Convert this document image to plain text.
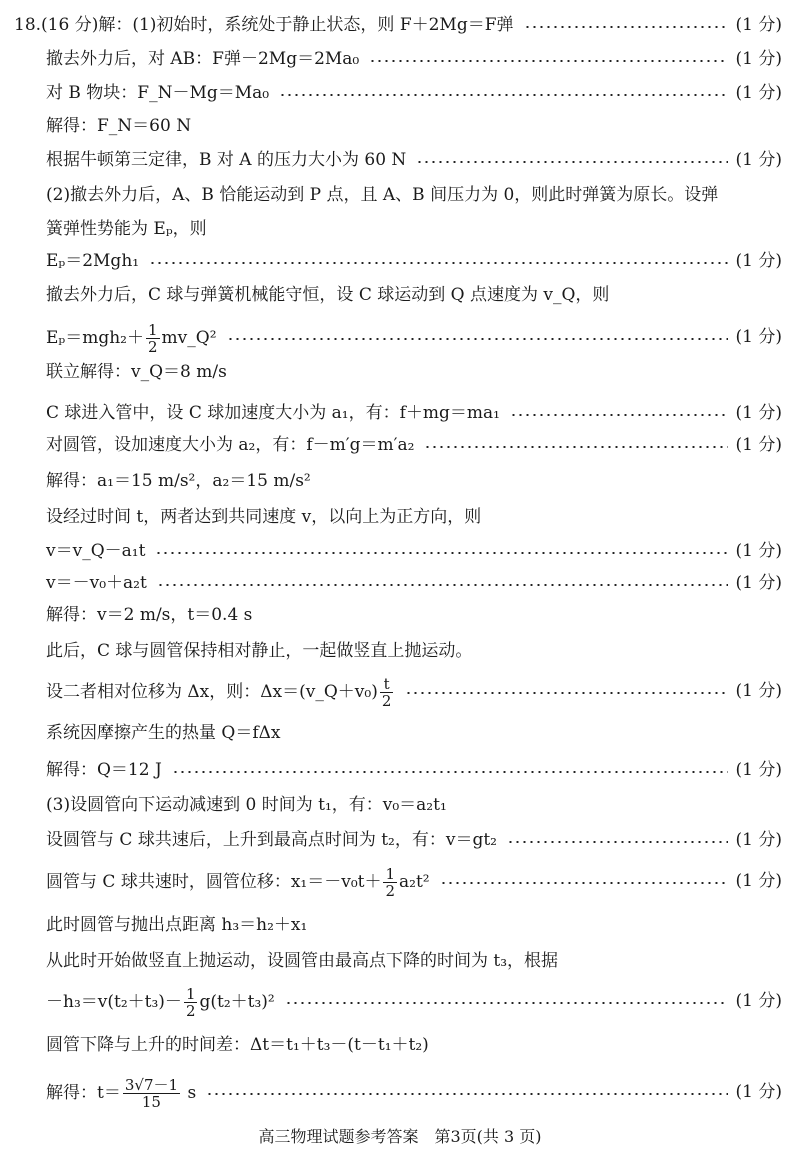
18.(16 分)解：(1)初始时，系统处于静止状态，则 F＋2Mg＝F弹	(1 分)
撤去外力后，对 AB：F弹－2Mg＝2Ma₀	(1 分)
对 B 物块：F_N－Mg＝Ma₀	(1 分)
解得：F_N＝60 N
根据牛顿第三定律，B 对 A 的压力大小为 60 N	(1 分)
(2)撤去外力后，A、B 恰能运动到 P 点，且 A、B 间压力为 0，则此时弹簧为原长。设弹
簧弹性势能为 Eₚ，则
Eₚ＝2Mgh₁	(1 分)
撤去外力后，C 球与弹簧机械能守恒，设 C 球运动到 Q 点速度为 v_Q，则
$E_p=mgh_2+ \frac{1}{2}$ mv_Q²	(1 分)
联立解得：v_Q＝8 m/s
C 球进入管中，设 C 球加速度大小为 a₁，有：f＋mg＝ma₁	(1 分)
对圆管，设加速度大小为 a₂，有：f－m′g＝m′a₂	(1 分)
解得：a₁＝15 m/s²，a₂＝15 m/s²
设经过时间 t，两者达到共同速度 v，以向上为正方向，则
v＝v_Q－a₁t	(1 分)
v＝－v₀＋a₂t	(1 分)
解得：v＝2 m/s，t＝0.4 s
此后，C 球与圆管保持相对静止，一起做竖直上抛运动。
设二者相对位移为 Δx，则：Δx＝(v_Q＋v₀) $\frac{t}{2}$	(1 分)
系统因摩擦产生的热量 Q＝fΔx
解得：Q＝12 J	(1 分)
(3)设圆管向下运动减速到 0 时间为 t₁，有：v₀＝a₂t₁
设圆管与 C 球共速后，上升到最高点时间为 t₂，有：v＝gt₂	(1 分)
圆管与 C 球共速时，圆管位移：$x_1=-v_0t+ \frac{1}{2} a_2t^2$	(1 分)
此时圆管与抛出点距离 h₃＝h₂＋x₁
从此时开始做竖直上抛运动，设圆管由最高点下降的时间为 t₃，根据
$-h_3=v(t_2+t_3)- \frac{1}{2} g(t_2+t_3)^2$	(1 分)
圆管下降与上升的时间差：Δt＝t₁＋t₃－(t－t₁＋t₂)
解得：$t= \frac{3√7-1}{15}$ s	(1 分)
高三物理试题参考答案　第3页(共 3 页)
